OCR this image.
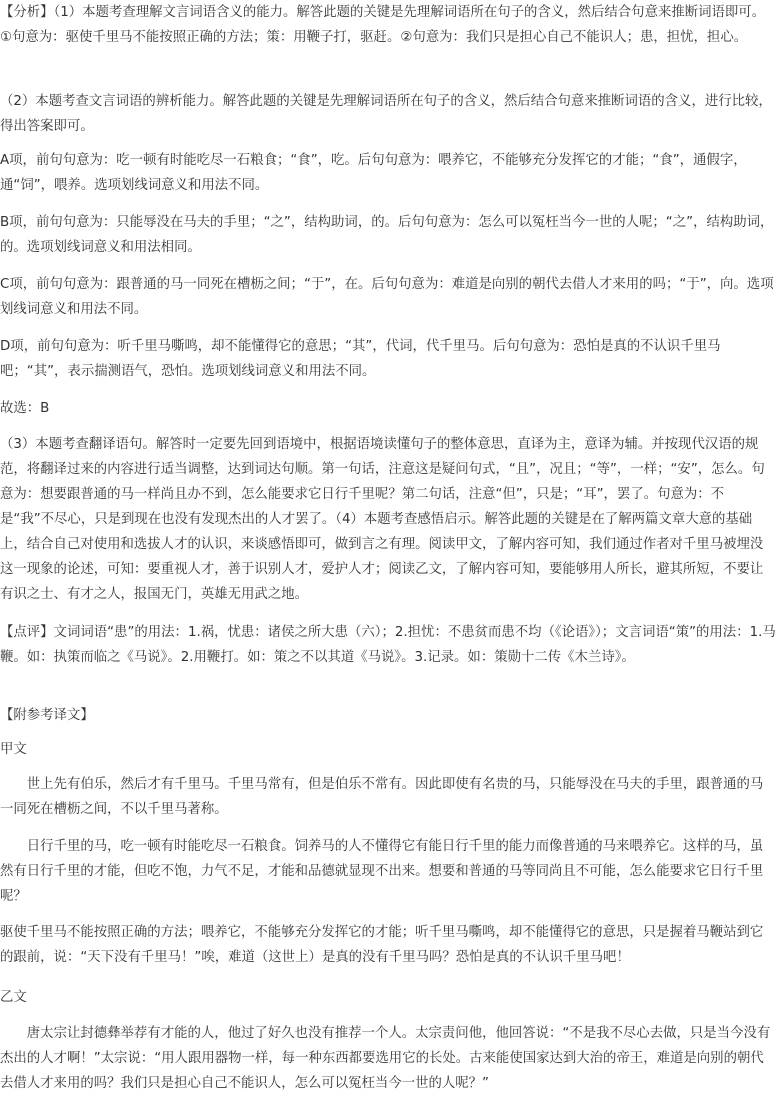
【分析】（1）本题考查理解文言词语含义的能力。解答此题的关键是先理解词语所在句子的含义，然后结合句意来推断词语即可。①句意为：驱使千里马不能按照正确的方法；策：用鞭子打，驱赶。②句意为：我们只是担心自己不能识人；患，担忧，担心。

（2）本题考查文言词语的辨析能力。解答此题的关键是先理解词语所在句子的含义，然后结合句意来推断词语的含义，进行比较，得出答案即可。

A项，前句句意为：吃一顿有时能吃尽一石粮食；“食”，吃。后句句意为：喂养它，不能够充分发挥它的才能；“食”，通假字，通“饲”，喂养。选项划线词意义和用法不同。

B项，前句句意为：只能辱没在马夫的手里；“之”，结构助词，的。后句句意为：怎么可以冤枉当今一世的人呢；“之”，结构助词，的。选项划线词意义和用法相同。

C项，前句句意为：跟普通的马一同死在槽枥之间；“于”，在。后句句意为：难道是向别的朝代去借人才来用的吗；“于”，向。选项划线词意义和用法不同。

D项，前句句意为：听千里马嘶鸣，却不能懂得它的意思；“其”，代词，代千里马。后句句意为：恐怕是真的不认识千里马吧；“其”，表示揣测语气，恐怕。选项划线词意义和用法不同。

故选：B

（3）本题考查翻译语句。解答时一定要先回到语境中，根据语境读懂句子的整体意思，直译为主，意译为辅。并按现代汉语的规范，将翻译过来的内容进行适当调整，达到词达句顺。第一句话，注意这是疑问句式，“且”，况且；“等”，一样；“安”，怎么。句意为：想要跟普通的马一样尚且办不到，怎么能要求它日行千里呢？第二句话，注意“但”，只是；“耳”，罢了。句意为：不是“我”不尽心，只是到现在也没有发现杰出的人才罢了。（4）本题考查感悟启示。解答此题的关键是在了解两篇文章大意的基础上，结合自己对使用和选拔人才的认识，来谈感悟即可，做到言之有理。阅读甲文，了解内容可知，我们通过作者对千里马被埋没这一现象的论述，可知：要重视人才，善于识别人才，爱护人才；阅读乙文，了解内容可知，要能够用人所长，避其所短，不要让有识之士、有才之人，报国无门，英雄无用武之地。

【点评】文词词语“患”的用法：1.祸，忧患：诸侯之所大患（六）；2.担忧：不患贫而患不均（《论语》）；文言词语“策”的用法：1.马鞭。如：执策而临之《马说》。2.用鞭打。如：策之不以其道《马说》。3.记录。如：策勋十二传《木兰诗》。

【附参考译文】

甲文

世上先有伯乐，然后才有千里马。千里马常有，但是伯乐不常有。因此即使有名贵的马，只能辱没在马夫的手里，跟普通的马一同死在槽枥之间，不以千里马著称。

日行千里的马，吃一顿有时能吃尽一石粮食。饲养马的人不懂得它有能日行千里的能力而像普通的马来喂养它。这样的马，虽然有日行千里的才能，但吃不饱，力气不足，才能和品德就显现不出来。想要和普通的马等同尚且不可能，怎么能要求它日行千里呢？

驱使千里马不能按照正确的方法；喂养它，不能够充分发挥它的才能；听千里马嘶鸣，却不能懂得它的意思，只是握着马鞭站到它的跟前，说：“天下没有千里马！”唉，难道（这世上）是真的没有千里马吗？恐怕是真的不认识千里马吧！

乙文

唐太宗让封德彝举荐有才能的人，他过了好久也没有推荐一个人。太宗责问他，他回答说：“不是我不尽心去做，只是当今没有杰出的人才啊！”太宗说：“用人跟用器物一样，每一种东西都要选用它的长处。古来能使国家达到大治的帝王，难道是向别的朝代去借人才来用的吗？我们只是担心自己不能识人，怎么可以冤枉当今一世的人呢？”
